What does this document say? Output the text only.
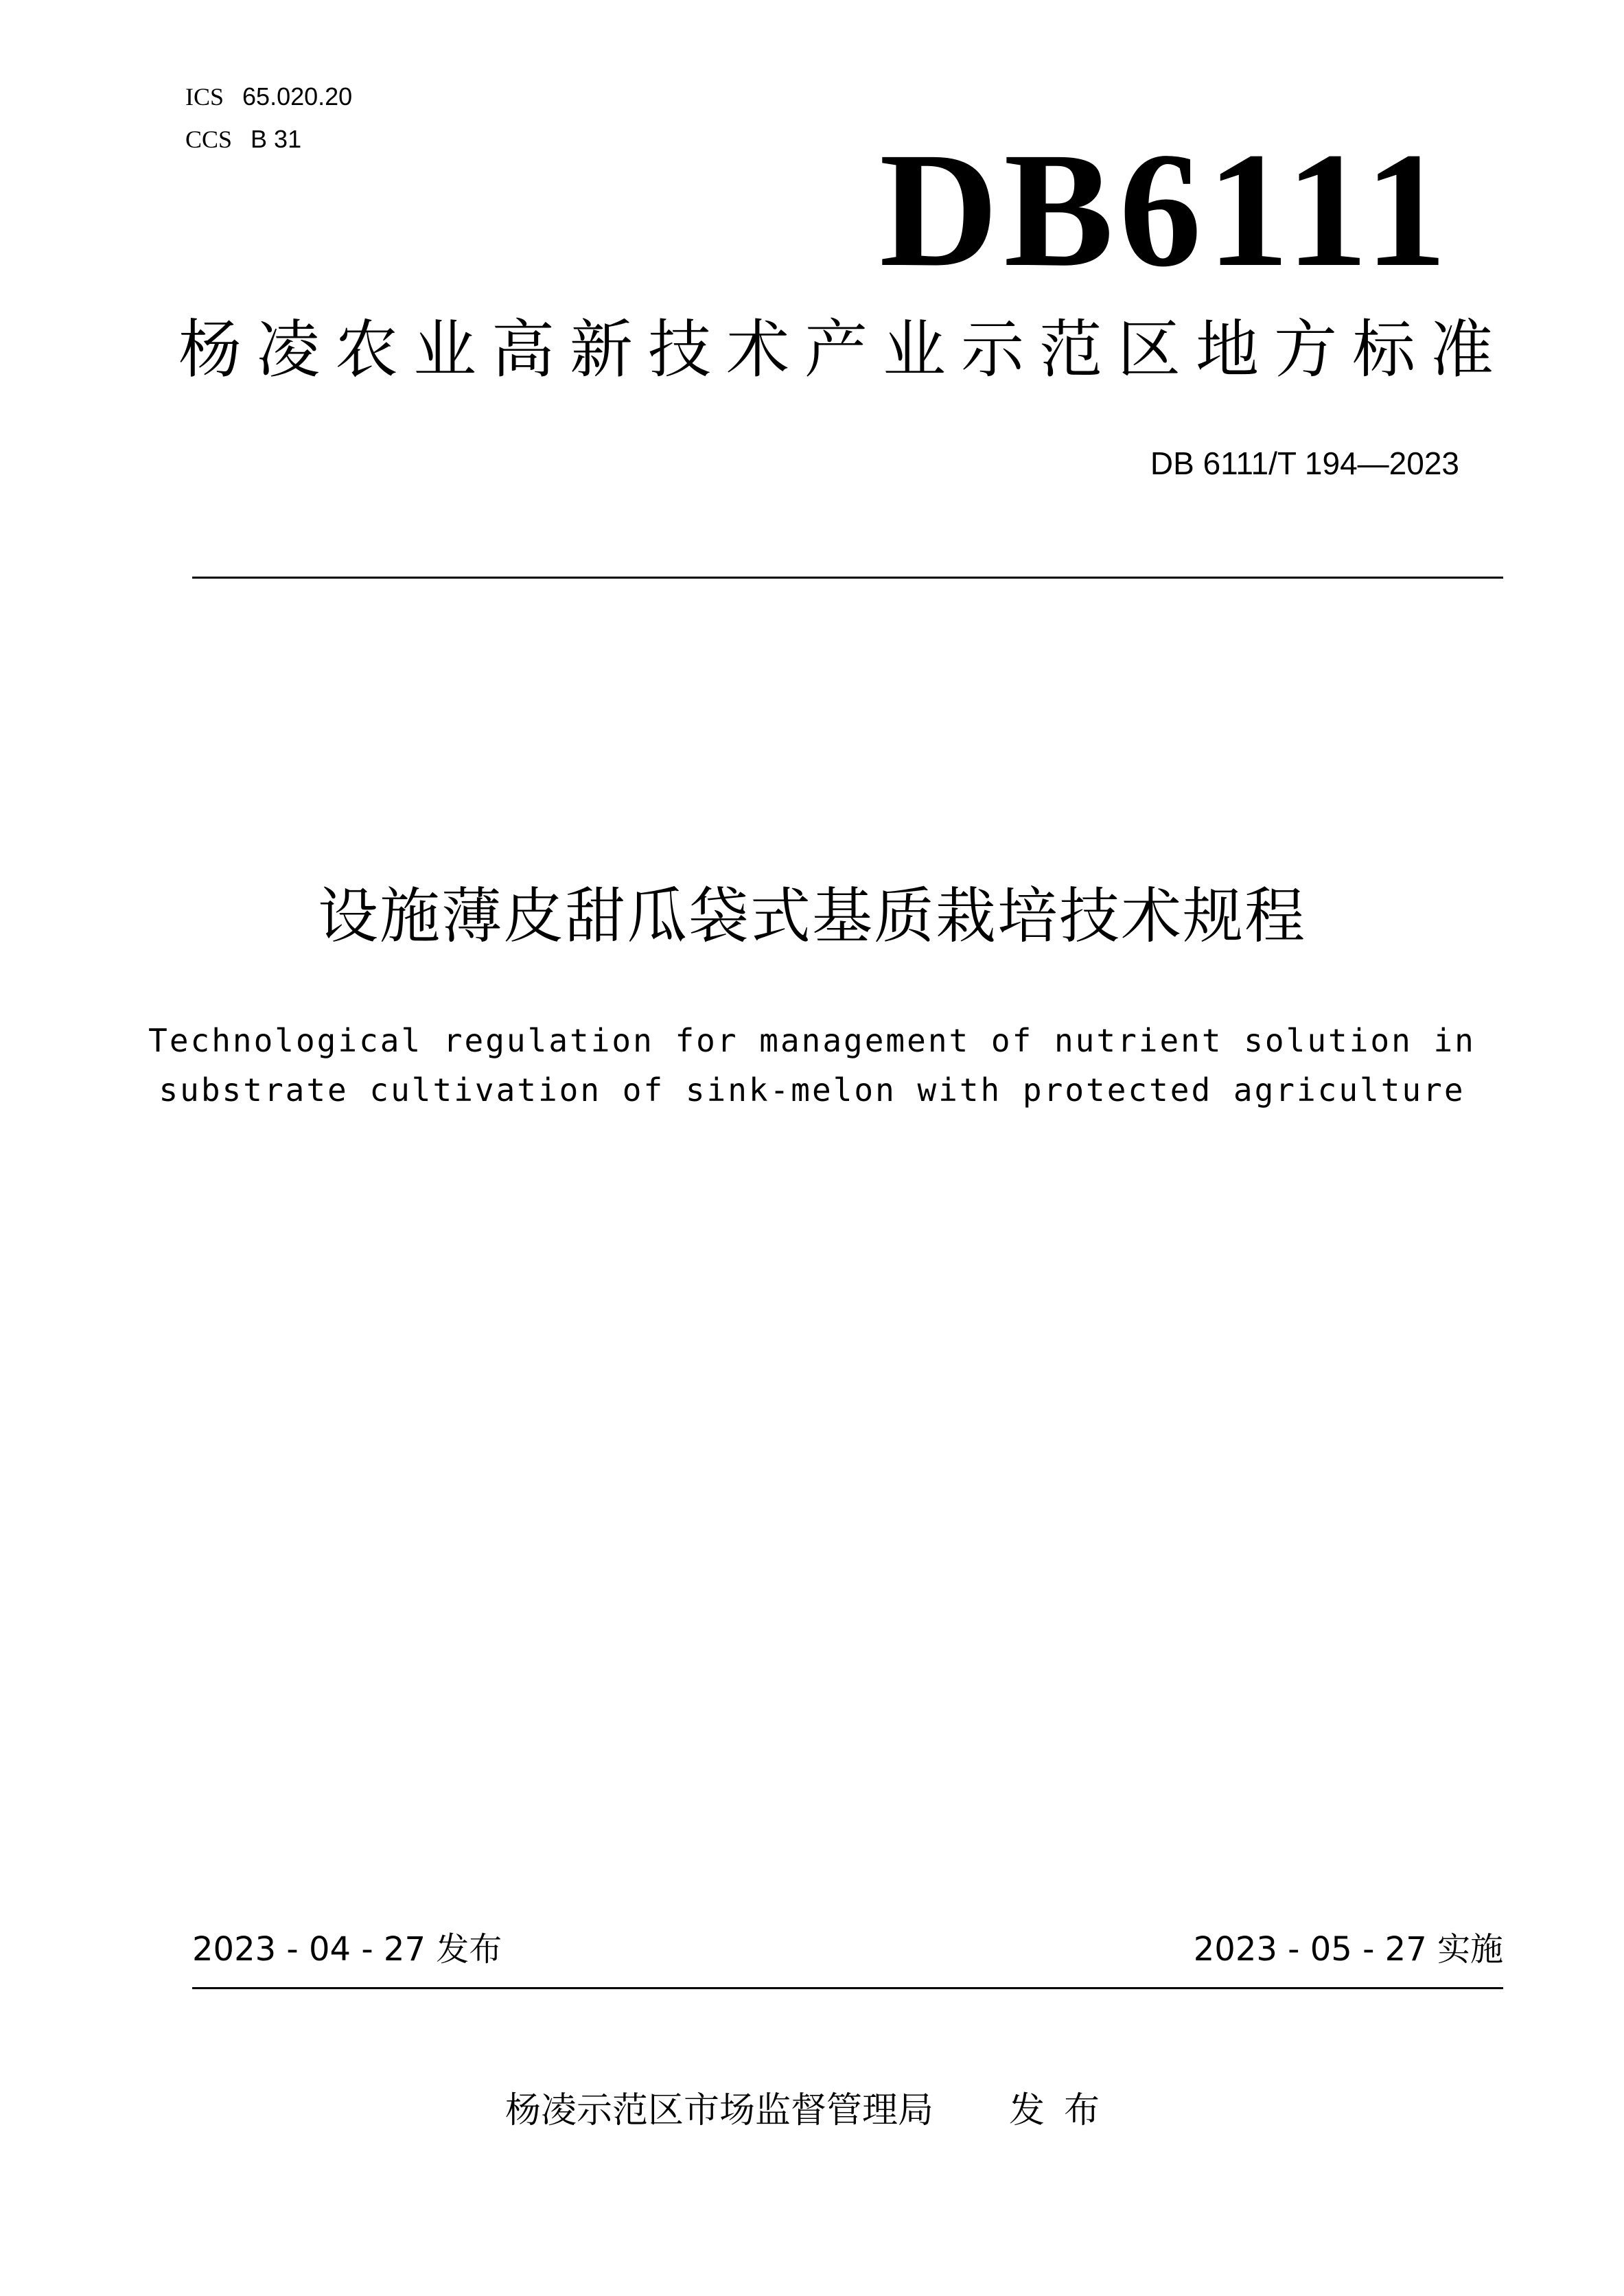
ICS 65.020.20
CCS B 31	DB6111
杨凌农业高新技术产业示范区地方标准
DB 6111/T 194—2023
设施薄皮甜瓜袋式基质栽培技术规程
Technological regulation for management of nutrient solution in
substrate cultivation of sink-melon with protected agriculture
2023 - 04 - 27 发布	2023 - 05 - 27 实施
杨凌示范区市场监督管理局 发布
